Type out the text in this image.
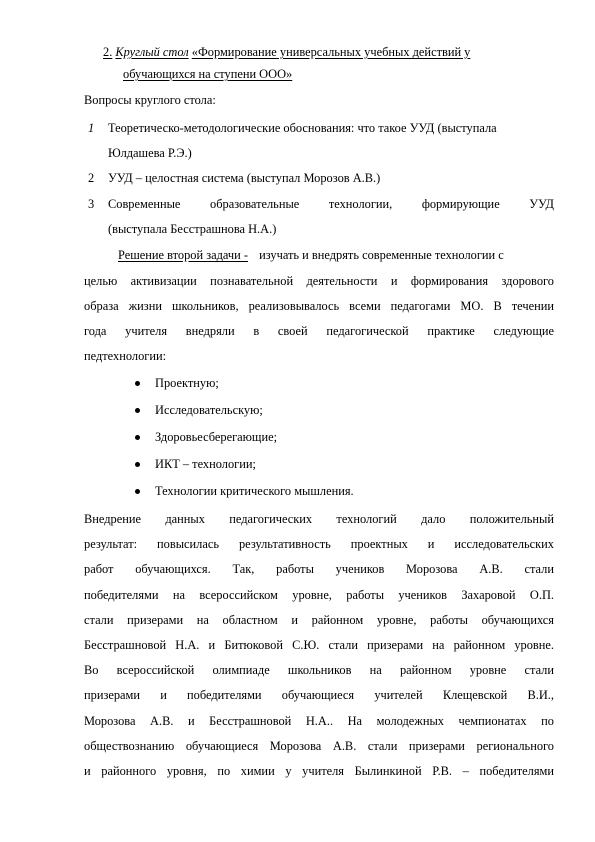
2. Круглый стол «Формирование универсальных учебных действий у
обучающихся на ступени ООО»
Вопросы круглого стола:
1 Теоретическо-методологические обоснования: что такое УУД (выступала
Юлдашева Р.Э.)
2 УУД – целостная система (выступал Морозов А.В.)
3 Современные образовательные технологии, формирующие УУД
(выступала Бесстрашнова Н.А.)
Решение второй задачи - изучать и внедрять современные технологии с
целью активизации познавательной деятельности и формирования здорового
образа жизни школьников, реализовывалось всеми педагогами МО. В течении
года учителя внедряли в своей педагогической практике следующие
педтехнологии:
Проектную;
Исследовательскую;
Здоровьесберегающие;
ИКТ – технологии;
Технологии критического мышления.
Внедрение данных педагогических технологий дало положительный
результат: повысилась результативность проектных и исследовательских
работ обучающихся. Так, работы учеников Морозова А.В. стали
победителями на всероссийском уровне, работы учеников Захаровой О.П.
стали призерами на областном и районном уровне, работы обучающихся
Бесстрашновой Н.А. и Битюковой С.Ю. стали призерами на районном уровне.
Во всероссийской олимпиаде школьников на районном уровне стали
призерами и победителями обучающиеся учителей Клещевской В.И.,
Морозова А.В. и Бесстрашновой Н.А.. На молодежных чемпионатах по
обществознанию обучающиеся Морозова А.В. стали призерами регионального
и районного уровня, по химии у учителя Былинкиной Р.В. – победителями
